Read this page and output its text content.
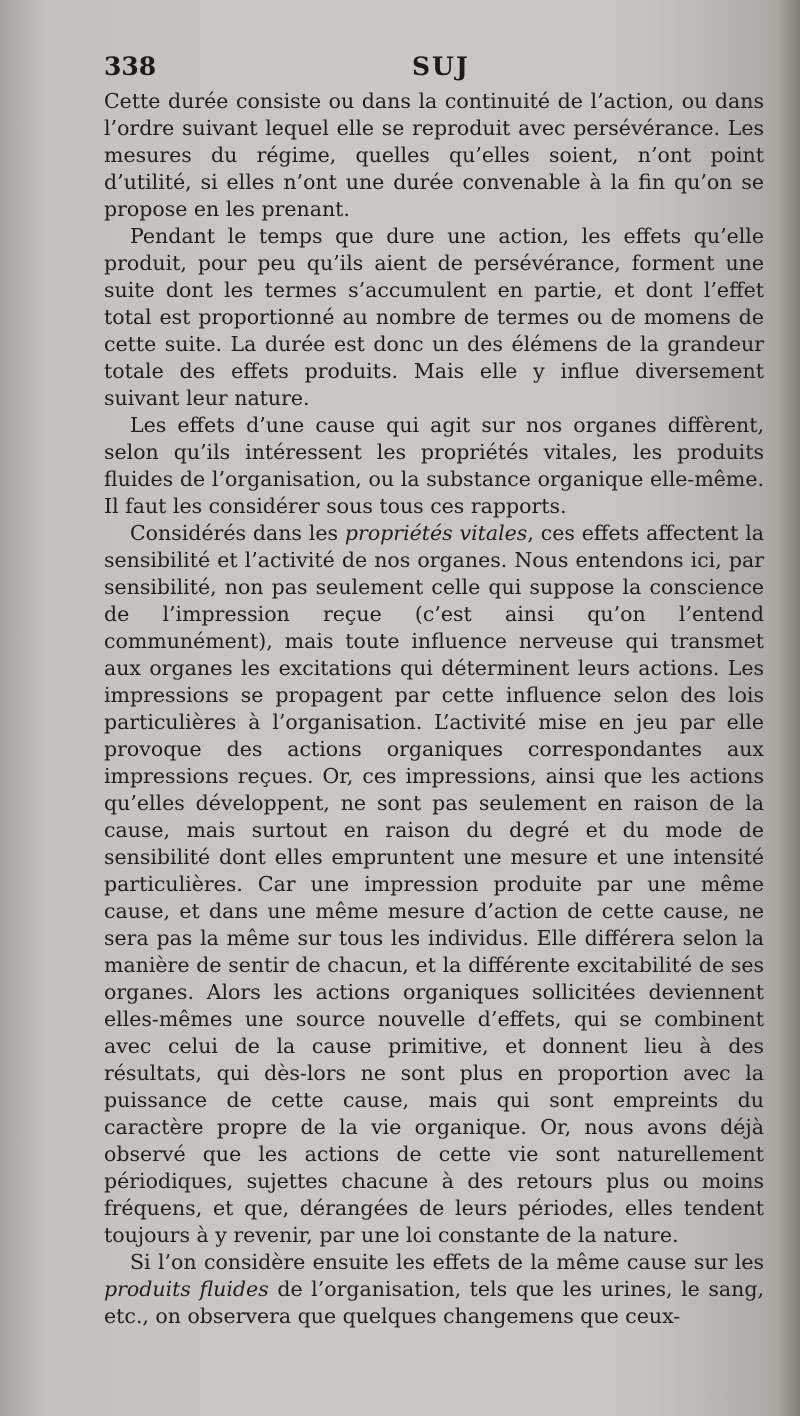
338	SUJ

Cette durée consiste ou dans la continuité de l’action, ou dans l’ordre suivant lequel elle se reproduit avec persévérance. Les mesures du régime, quelles qu’elles soient, n’ont point d’utilité, si elles n’ont une durée convenable à la fin qu’on se propose en les prenant.

Pendant le temps que dure une action, les effets qu’elle produit, pour peu qu’ils aient de persévérance, forment une suite dont les termes s’accumulent en partie, et dont l’effet total est proportionné au nombre de termes ou de momens de cette suite. La durée est donc un des élémens de la grandeur totale des effets produits. Mais elle y influe diversement suivant leur nature.

Les effets d’une cause qui agit sur nos organes diffèrent, selon qu’ils intéressent les propriétés vitales, les produits fluides de l’organisation, ou la substance organique elle-même. Il faut les considérer sous tous ces rapports.

Considérés dans les propriétés vitales, ces effets affectent la sensibilité et l’activité de nos organes. Nous entendons ici, par sensibilité, non pas seulement celle qui suppose la conscience de l’impression reçue (c’est ainsi qu’on l’entend communément), mais toute influence nerveuse qui transmet aux organes les excitations qui déterminent leurs actions. Les impressions se propagent par cette influence selon des lois particulières à l’organisation. L’activité mise en jeu par elle provoque des actions organiques correspondantes aux impressions reçues. Or, ces impressions, ainsi que les actions qu’elles développent, ne sont pas seulement en raison de la cause, mais surtout en raison du degré et du mode de sensibilité dont elles empruntent une mesure et une intensité particulières. Car une impression produite par une même cause, et dans une même mesure d’action de cette cause, ne sera pas la même sur tous les individus. Elle différera selon la manière de sentir de chacun, et la différente excitabilité de ses organes. Alors les actions organiques sollicitées deviennent elles-mêmes une source nouvelle d’effets, qui se combinent avec celui de la cause primitive, et donnent lieu à des résultats, qui dès-lors ne sont plus en proportion avec la puissance de cette cause, mais qui sont empreints du caractère propre de la vie organique. Or, nous avons déjà observé que les actions de cette vie sont naturellement périodiques, sujettes chacune à des retours plus ou moins fréquens, et que, dérangées de leurs périodes, elles tendent toujours à y revenir, par une loi constante de la nature.

Si l’on considère ensuite les effets de la même cause sur les produits fluides de l’organisation, tels que les urines, le sang, etc., on observera que quelques changemens que ceux-
